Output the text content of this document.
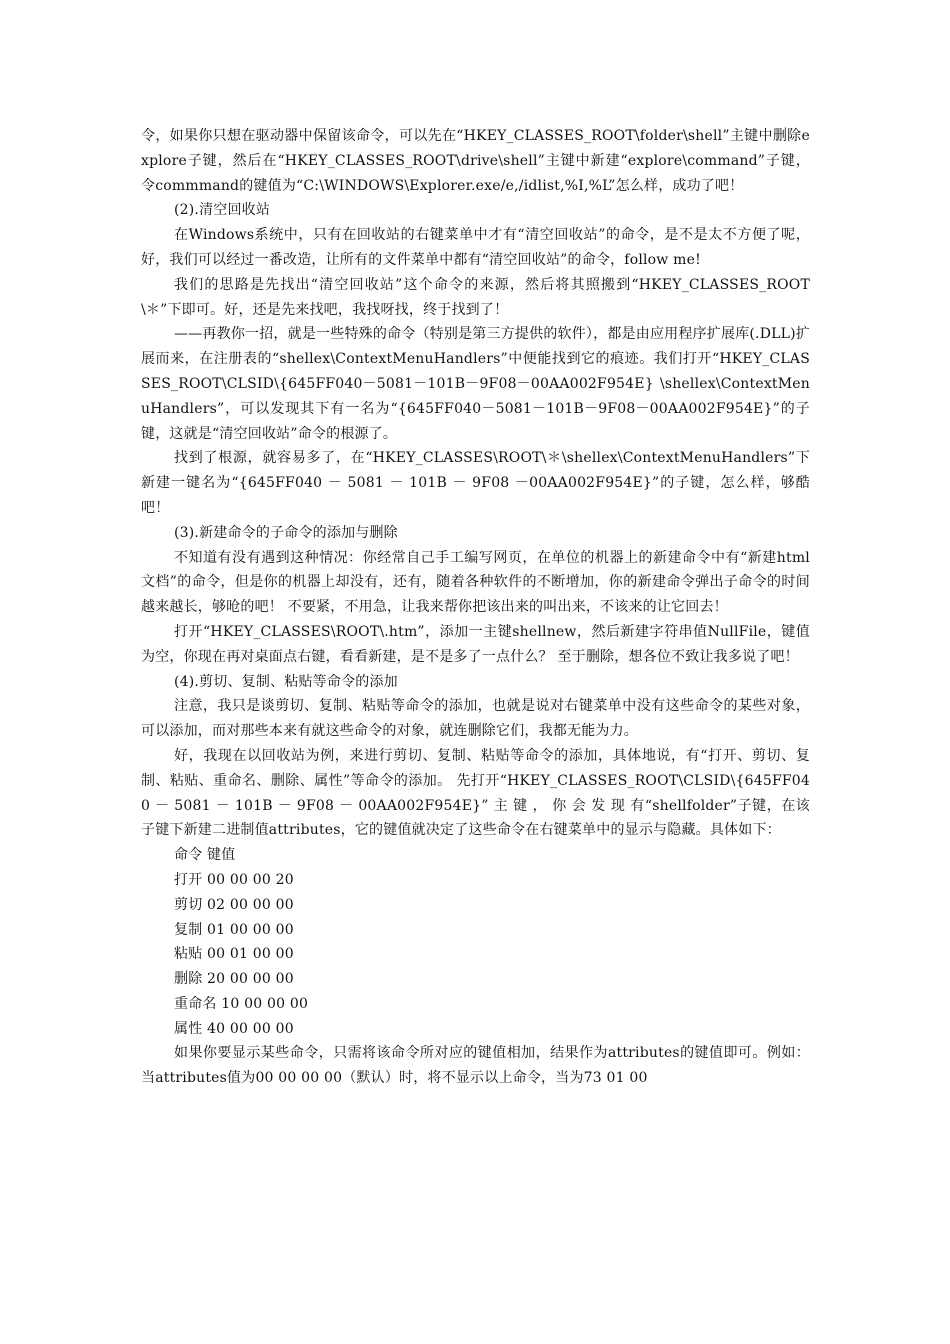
令，如果你只想在驱动器中保留该命令，可以先在“HKEY_CLASSES_ROOT\folder\shell”主键中删除explore子键，然后在“HKEY_CLASSES_ROOT\drive\shell”主键中新建“explore\command”子键，令commmand的键值为“C:\WINDOWS\Explorer.exe/e,/idlist,%I,%L”怎么样，成功了吧！

(2).清空回收站

在Windows系统中，只有在回收站的右键菜单中才有“清空回收站”的命令，是不是太不方便了呢，好，我们可以经过一番改造，让所有的文件菜单中都有“清空回收站”的命令，follow me!

我们的思路是先找出“清空回收站”这个命令的来源，然后将其照搬到“HKEY_CLASSES_ROOT\＊”下即可。好，还是先来找吧，我找呀找，终于找到了！

——再教你一招，就是一些特殊的命令（特别是第三方提供的软件），都是由应用程序扩展库(.DLL)扩展而来，在注册表的“shellex\ContextMenuHandlers”中便能找到它的痕迹。我们打开“HKEY_CLASSES_ROOT\CLSID\{645FF040－5081－101B－9F08－00AA002F954E} \shellex\ContextMenuHandlers”，可以发现其下有一名为“{645FF040－5081－101B－9F08－00AA002F954E}”的子键，这就是“清空回收站”命令的根源了。

找到了根源，就容易多了，在“HKEY_CLASSES\ROOT\＊\shellex\ContextMenuHandlers”下新建一键名为“{645FF040 － 5081 － 101B － 9F08 －00AA002F954E}”的子键，怎么样，够酷吧！

(3).新建命令的子命令的添加与删除

不知道有没有遇到这种情况：你经常自己手工编写网页，在单位的机器上的新建命令中有“新建html文档”的命令，但是你的机器上却没有，还有，随着各种软件的不断增加，你的新建命令弹出子命令的时间越来越长，够呛的吧！ 不要紧，不用急，让我来帮你把该出来的叫出来，不该来的让它回去！

打开“HKEY_CLASSES\ROOT\.htm”，添加一主键shellnew，然后新建字符串值NullFile，键值为空，你现在再对桌面点右键，看看新建，是不是多了一点什么？ 至于删除，想各位不致让我多说了吧！

(4).剪切、复制、粘贴等命令的添加

注意，我只是谈剪切、复制、粘贴等命令的添加，也就是说对右键菜单中没有这些命令的某些对象，可以添加，而对那些本来有就这些命令的对象，就连删除它们，我都无能为力。

好，我现在以回收站为例，来进行剪切、复制、粘贴等命令的添加，具体地说，有“打开、剪切、复制、粘贴、重命名、删除、属性”等命令的添加。 先打开“HKEY_CLASSES_ROOT\CLSID\{645FF040 － 5081 － 101B － 9F08 － 00AA002F954E}” 主 键 ， 你 会 发 现 有“shellfolder”子键，在该子键下新建二进制值attributes，它的键值就决定了这些命令在右键菜单中的显示与隐藏。具体如下：

命令 键值

打开 00 00 00 20

剪切 02 00 00 00

复制 01 00 00 00

粘贴 00 01 00 00

删除 20 00 00 00

重命名 10 00 00 00

属性 40 00 00 00

如果你要显示某些命令，只需将该命令所对应的键值相加，结果作为attributes的键值即可。例如：当attributes值为00 00 00 00（默认）时，将不显示以上命令，当为73 01 00
